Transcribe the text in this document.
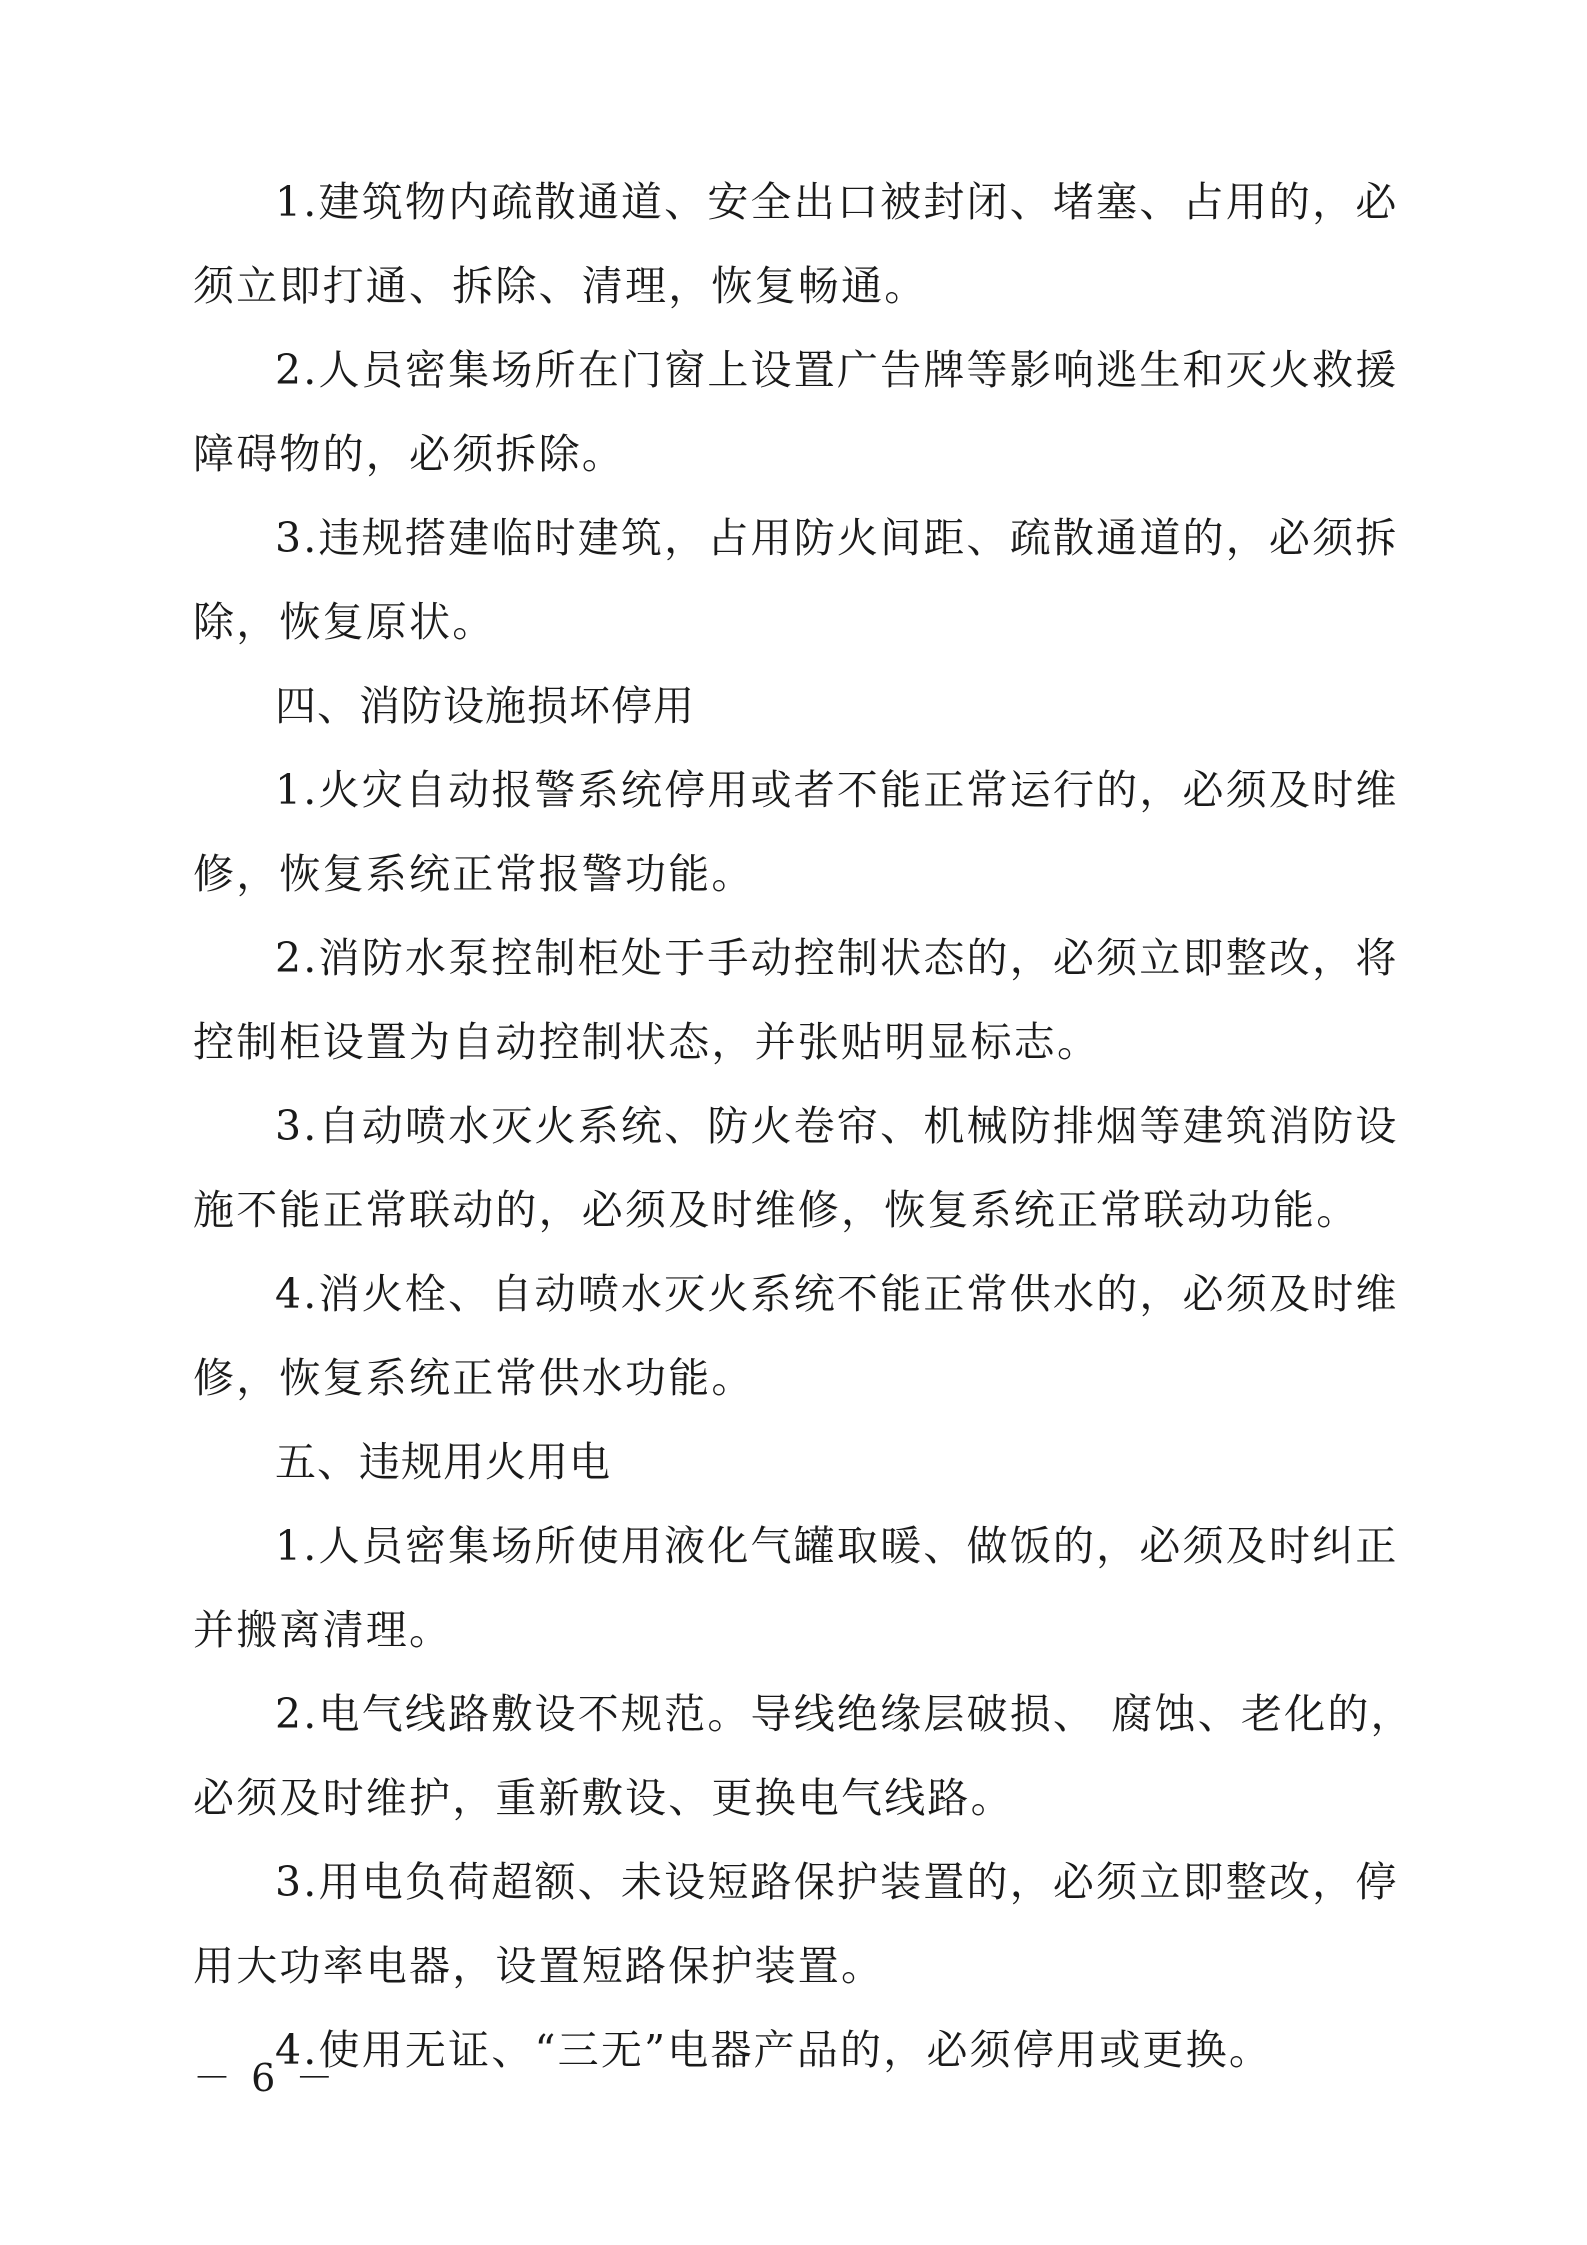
1.建筑物内疏散通道、安全出口被封闭、堵塞、占用的，必
须立即打通、拆除、清理，恢复畅通。
2.人员密集场所在门窗上设置广告牌等影响逃生和灭火救援
障碍物的，必须拆除。
3.违规搭建临时建筑，占用防火间距、疏散通道的，必须拆
除，恢复原状。
四、消防设施损坏停用
1.火灾自动报警系统停用或者不能正常运行的，必须及时维
修，恢复系统正常报警功能。
2.消防水泵控制柜处于手动控制状态的，必须立即整改，将
控制柜设置为自动控制状态，并张贴明显标志。
3.自动喷水灭火系统、防火卷帘、机械防排烟等建筑消防设
施不能正常联动的，必须及时维修，恢复系统正常联动功能。
4.消火栓、自动喷水灭火系统不能正常供水的，必须及时维
修，恢复系统正常供水功能。
五、违规用火用电
1.人员密集场所使用液化气罐取暖、做饭的，必须及时纠正
并搬离清理。
2.电气线路敷设不规范。导线绝缘层破损、 腐蚀、老化的，
必须及时维护，重新敷设、更换电气线路。
3.用电负荷超额、未设短路保护装置的，必须立即整改，停
用大功率电器，设置短路保护装置。
4.使用无证、“三无”电器产品的，必须停用或更换。
－ 6 －
